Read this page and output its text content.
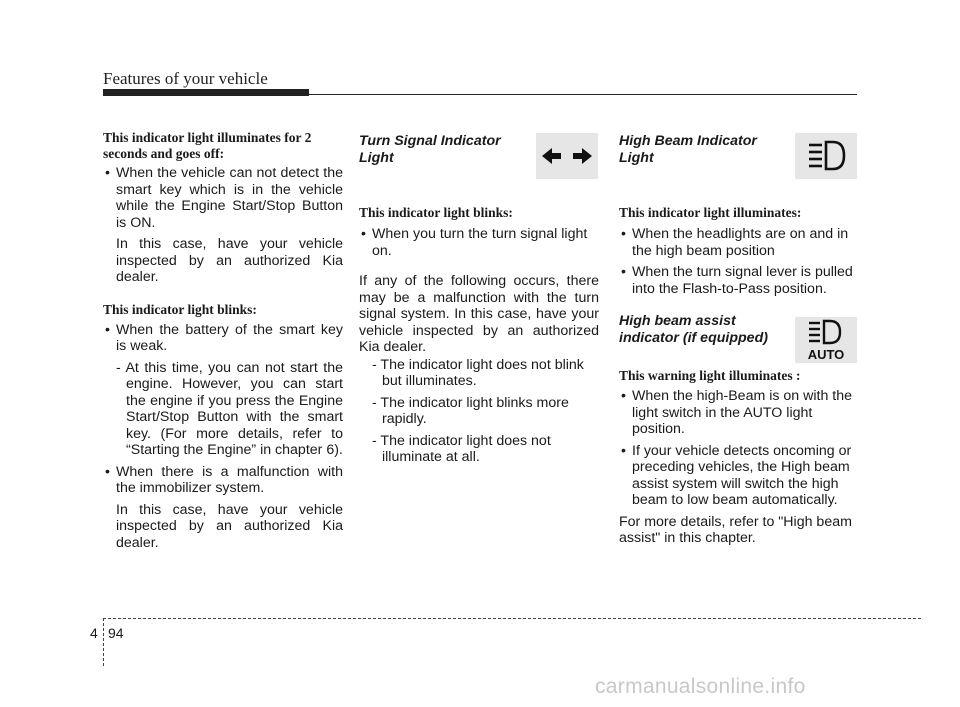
Features of your vehicle

This indicator light illuminates for 2 seconds and goes off:

• When the vehicle can not detect the smart key which is in the vehicle while the Engine Start/Stop Button is ON.

In this case, have your vehicle inspected by an authorized Kia dealer.

This indicator light blinks:

• When the battery of the smart key is weak.

- At this time, you can not start the engine. However, you can start the engine if you press the Engine Start/Stop Button with the smart key. (For more details, refer to “Starting the Engine” in chapter 6).

• When there is a malfunction with the immobilizer system.

In this case, have your vehicle inspected by an authorized Kia dealer.

Turn Signal Indicator Light

This indicator light blinks:

• When you turn the turn signal light on.

If any of the following occurs, there may be a malfunction with the turn signal system. In this case, have your vehicle inspected by an authorized Kia dealer.

- The indicator light does not blink but illuminates.

- The indicator light blinks more rapidly.

- The indicator light does not illuminate at all.

High Beam Indicator Light

This indicator light illuminates:

• When the headlights are on and in the high beam position

• When the turn signal lever is pulled into the Flash-to-Pass position.

High beam assist indicator (if equipped)

This warning light illuminates :

• When the high-Beam is on with the light switch in the AUTO light position.

• If your vehicle detects oncoming or preceding vehicles, the High beam assist system will switch the high beam to low beam automatically.

For more details, refer to "High beam assist" in this chapter.

AUTO
4 94
carmanualsonline.info
